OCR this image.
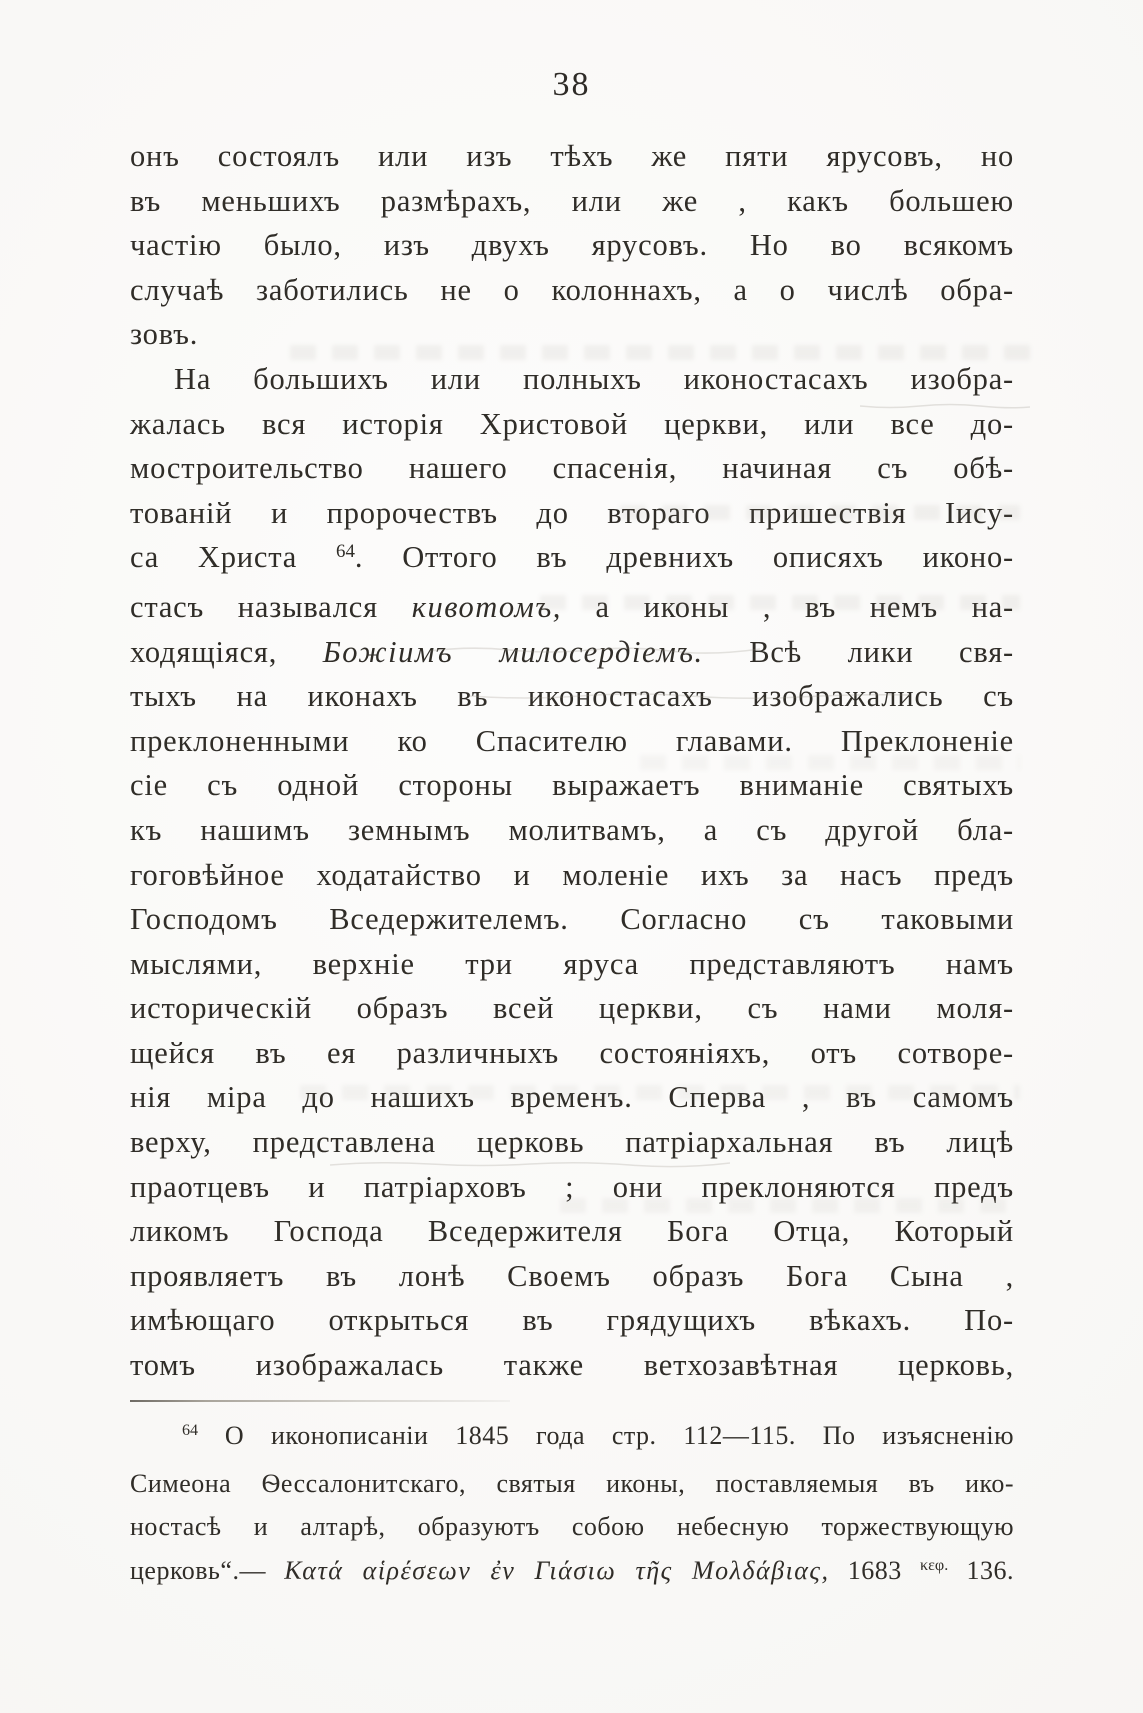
38
онъ состоялъ или изъ тѣхъ же пяти ярусовъ, но
въ меньшихъ размѣрахъ, или же , какъ большею
частію было, изъ двухъ ярусовъ. Но во всякомъ
случаѣ заботились не о колоннахъ, а о числѣ обра-
зовъ.
На большихъ или полныхъ иконостасахъ изобра-
жалась вся исторія Христовой церкви, или все до-
мостроительство нашего спасенія, начиная съ обѣ-
тованій и пророчествъ до втораго пришествія Іису-
са Христа $^{64}$. Оттого въ древнихъ описяхъ иконо-
стасъ назывался кивотомъ, а иконы , въ немъ на-
ходящіяся, Божіимъ милосердіемъ. Всѣ лики свя-
тыхъ на иконахъ въ иконостасахъ изображались съ
преклоненными ко Спасителю главами. Преклоненіе
сіе съ одной стороны выражаетъ вниманіе святыхъ
къ нашимъ земнымъ молитвамъ, а съ другой бла-
гоговѣйное ходатайство и моленіе ихъ за насъ предъ
Господомъ Вседержителемъ. Согласно съ таковыми
мыслями, верхніе три яруса представляютъ намъ
историческій образъ всей церкви, съ нами моля-
щейся въ ея различныхъ состояніяхъ, отъ сотворе-
нія міра до нашихъ временъ. Сперва , въ самомъ
верху, представлена церковь патріархальная въ лицѣ
праотцевъ и патріарховъ ; они преклоняются предъ
ликомъ Господа Вседержителя Бога Отца, Который
проявляетъ въ лонѣ Своемъ образъ Бога Сына ,
имѣющаго открыться въ грядущихъ вѣкахъ. По-
томъ изображалась также ветхозавѣтная церковь,
$^{64}$ О иконописаніи 1845 года стр. 112—115. По изъясненію
Симеона Ѳессалонитскаго, святыя иконы, поставляемыя въ ико-
ностасѣ и алтарѣ, образуютъ собою небесную торжествующую
церковь“.— Κατά αἱρέσεων ἐν Γιάσιω τῆς Μολδάβιας, 1683 $^{\kappa\varepsilon\varphi.}$ 136.
